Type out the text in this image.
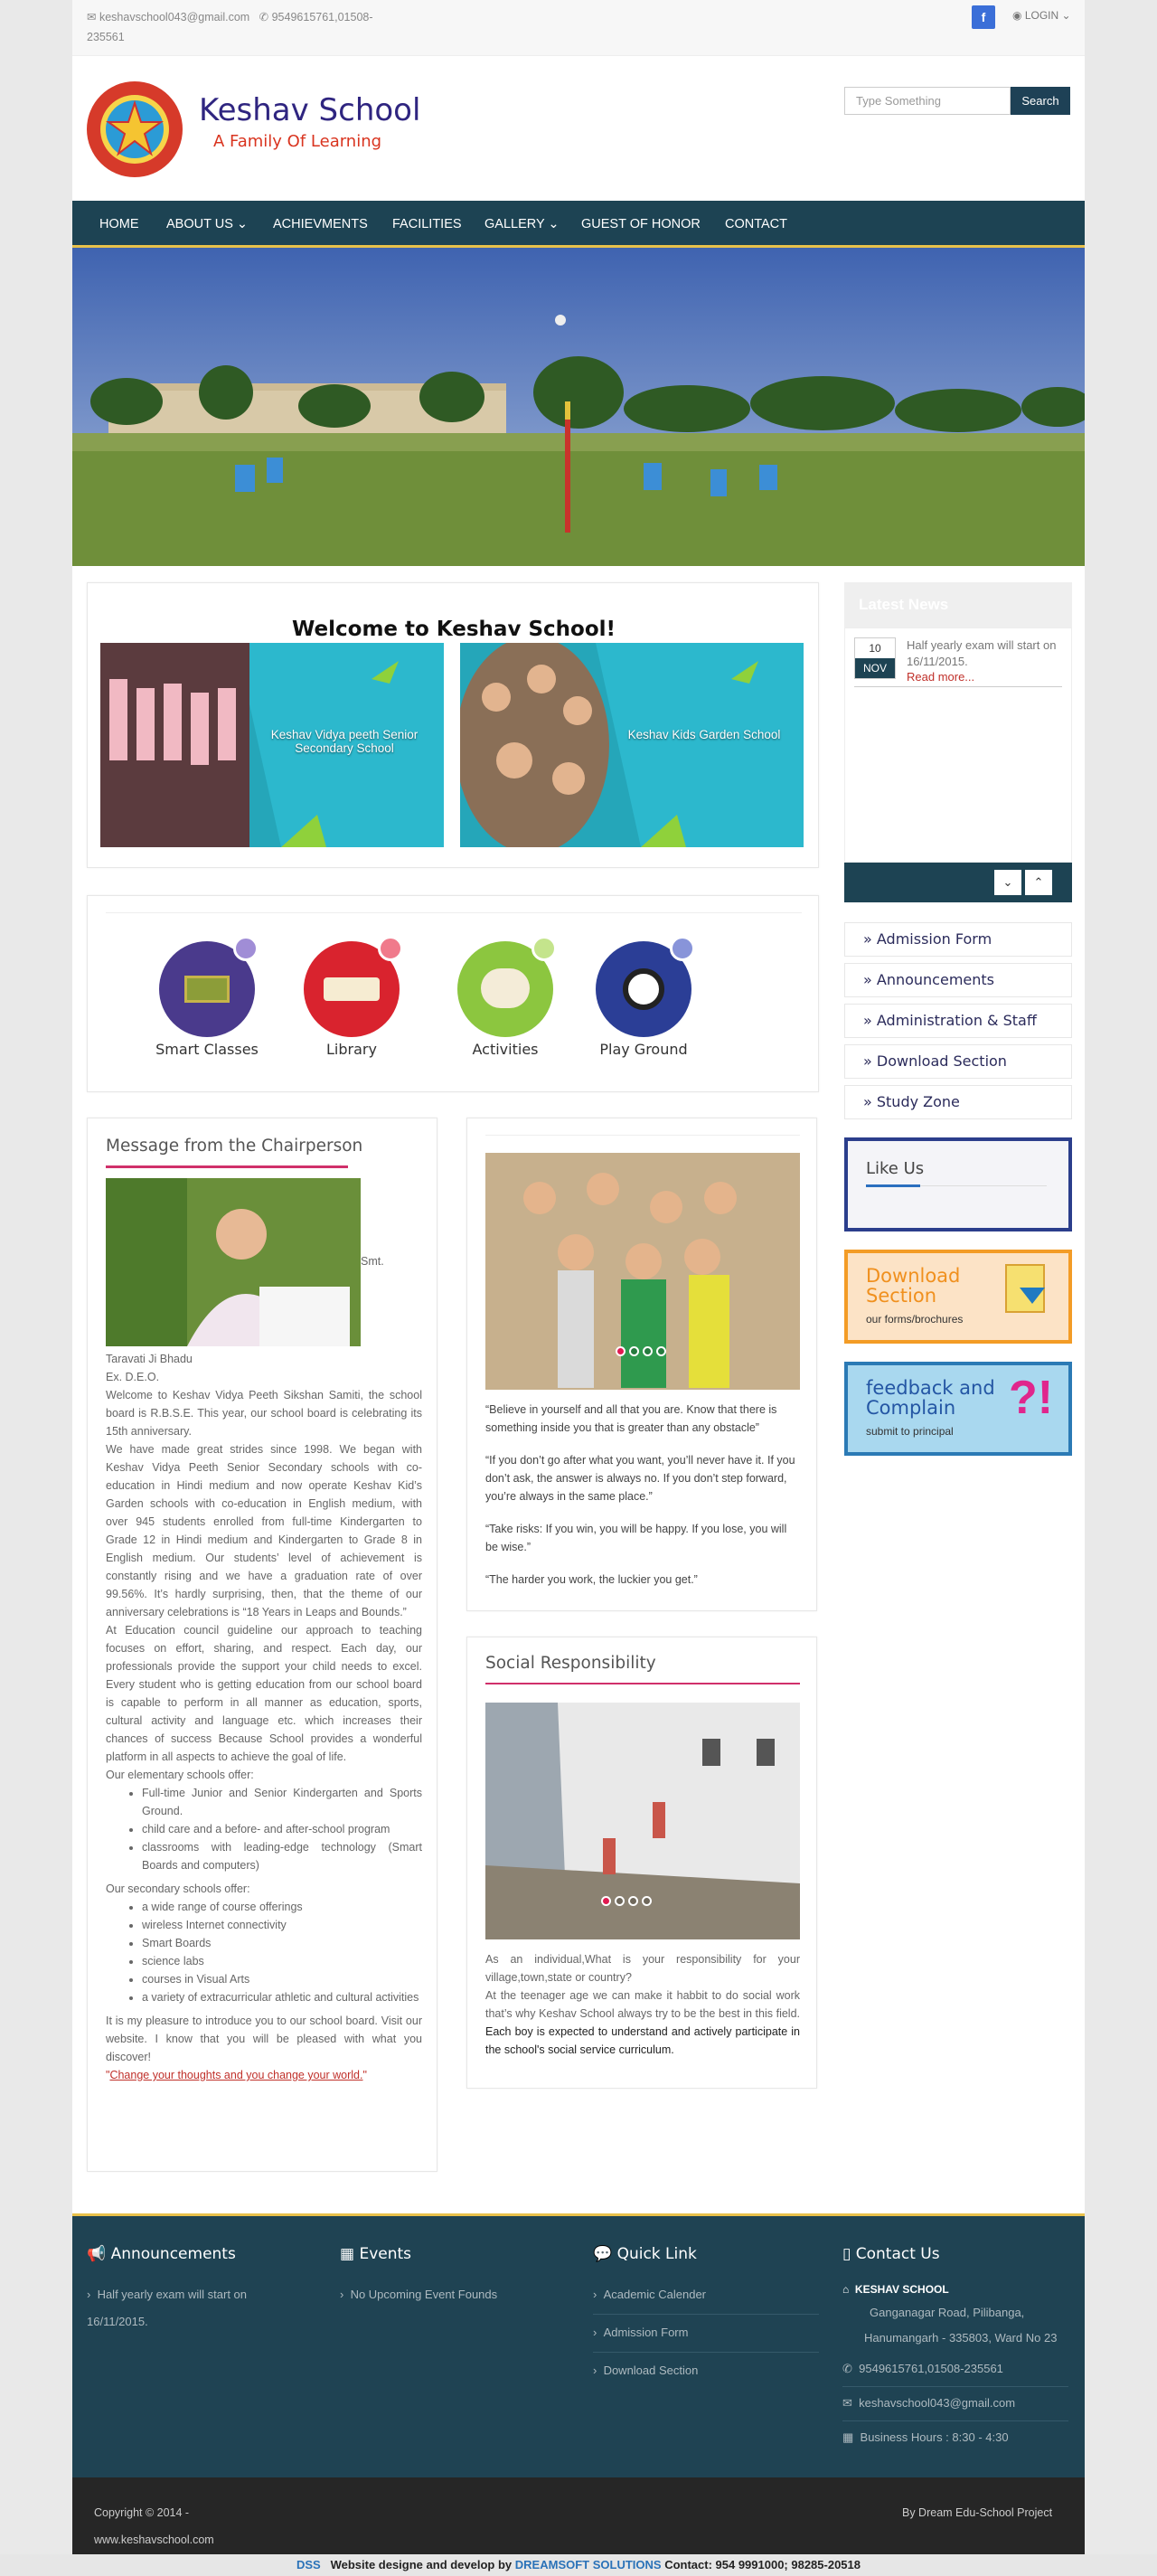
✉ keshavschool043@gmail.com ✆ 9549615761,01508-
235561
f	◉ LOGIN ⌄
Keshav School
A Family Of Learning
Type Something	Search
HOME ABOUT US ⌄ ACHIEVMENTS FACILITIES GALLERY ⌄ GUEST OF HONOR CONTACT
Welcome to Keshav School!
Keshav Vidya peeth Senior Secondary School
Keshav Kids Garden School
Smart Classes	Library	Activities	Play Ground
Message from the Chairperson
Smt.
Taravati Ji Bhadu
Ex. D.E.O.
Welcome to Keshav Vidya Peeth Sikshan Samiti, the school board is R.B.S.E. This year, our school board is celebrating its 15th anniversary.
We have made great strides since 1998. We began with Keshav Vidya Peeth Senior Secondary schools with co-education in Hindi medium and now operate Keshav Kid’s Garden schools with co-education in English medium, with over 945 students enrolled from full-time Kindergarten to Grade 12 in Hindi medium and Kindergarten to Grade 8 in English medium. Our students’ level of achievement is constantly rising and we have a graduation rate of over 99.56%. It’s hardly surprising, then, that the theme of our anniversary celebrations is “18 Years in Leaps and Bounds.”
At Education council guideline our approach to teaching focuses on effort, sharing, and respect. Each day, our professionals provide the support your child needs to excel. Every student who is getting education from our school board is capable to perform in all manner as education, sports, cultural activity and language etc. which increases their chances of success Because School provides a wonderful platform in all aspects to achieve the goal of life.
Our elementary schools offer:
• Full-time Junior and Senior Kindergarten and Sports Ground.
• child care and a before- and after-school program
• classrooms with leading-edge technology (Smart Boards and computers)
Our secondary schools offer:
• a wide range of course offerings
• wireless Internet connectivity
• Smart Boards
• science labs
• courses in Visual Arts
• a variety of extracurricular athletic and cultural activities
It is my pleasure to introduce you to our school board. Visit our website. I know that you will be pleased with what you discover!
"Change your thoughts and you change your world."
“Believe in yourself and all that you are. Know that there is something inside you that is greater than any obstacle”
“If you don’t go after what you want, you’ll never have it. If you don’t ask, the answer is always no. If you don’t step forward, you’re always in the same place.”
“Take risks: If you win, you will be happy. If you lose, you will be wise.”
“The harder you work, the luckier you get.”
Social Responsibility
As an individual,What is your responsibility for your village,town,state or country?
At the teenager age we can make it habbit to do social work that’s why Keshav School always try to be the best in this field. Each boy is expected to understand and actively participate in the school's social service curriculum.
Latest News
10
NOV
Half yearly exam will start on 16/11/2015.
Read more...
⌄	⌃
» Admission Form
» Announcements
» Administration & Staff
» Download Section
» Study Zone
Like Us
Download Section
our forms/brochures
feedback and Complain
submit to principal
?!
📢 Announcements
›  Half yearly exam will start on 16/11/2015.
▦ Events
›  No Upcoming Event Founds
💬 Quick Link
›  Academic Calender
›  Admission Form
›  Download Section
▯ Contact Us
⌂ KESHAV SCHOOL
Ganganagar Road, Pilibanga,
Hanumangarh - 335803, Ward No 23
✆ 9549615761,01508-235561
✉ keshavschool043@gmail.com
▦ Business Hours : 8:30 - 4:30
Copyright © 2014 -
www.keshavschool.com
By Dream Edu-School Project
DSS Website designe and develop by DREAMSOFT SOLUTIONS Contact: 954 9991000; 98285-20518
